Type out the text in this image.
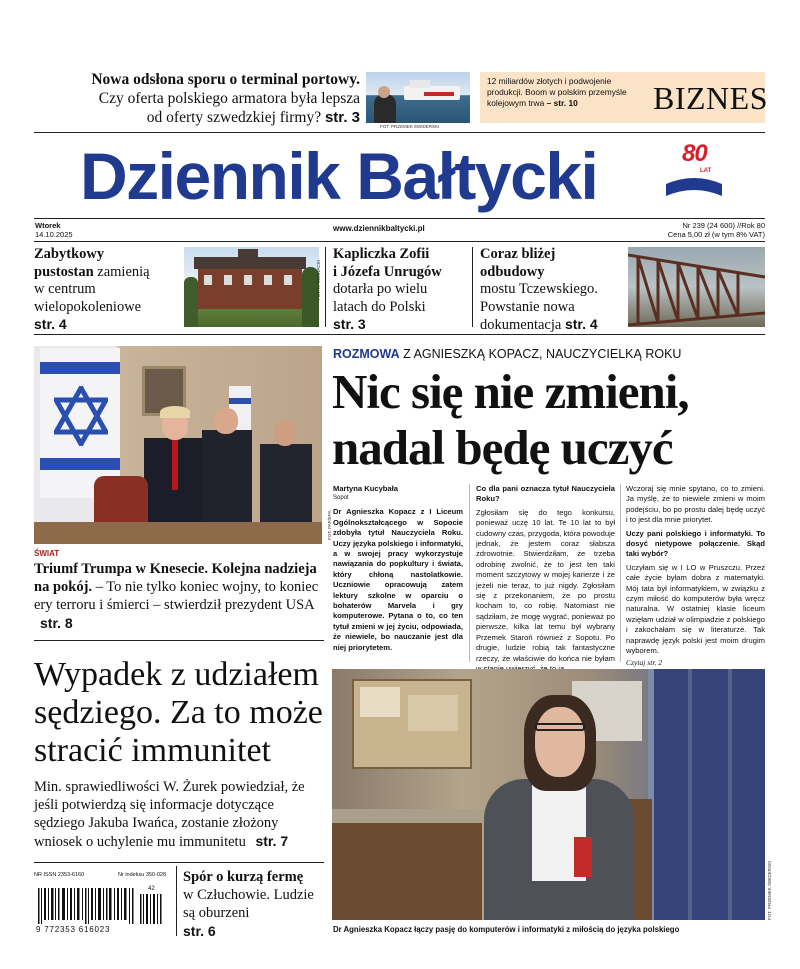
Nowa odsłona sporu o terminal portowy.
Czy oferta polskiego armatora była lepsza
od oferty szwedzkiej firmy? str. 3
FOT. PRZEMEK ŚWIDERSKI
12 miliardów złotych i podwojenie produkcji. Boom w polskim przemyśle kolejowym trwa – str. 10	BIZNES
Dziennik Bałtycki	80
LAT
Wtorek
14.10.2025
www.dziennikbaltycki.pl	Nr 239 (24 600) //Rok 80
Cena 5,00 zł (w tym 8% VAT)
Zabytkowy
pustostan zamienią
w centrum
wielopokoleniowe
str. 4
Kapliczka Zofii
i Józefa Unrugów
dotarła po wielu
latach do Polski
str. 3
FOT. K. KORNACKI
Coraz bliżej
odbudowy
mostu Tczewskiego.
Powstanie nowa
dokumentacja str. 4
FOT. PAP/EPA
ŚWIAT
Triumf Trumpa w Knesecie. Kolejna nadzieja na pokój. – To nie tylko koniec wojny, to koniec ery terroru i śmierci – stwierdził prezydent USA str. 8
Wypadek z udziałem
sędziego. Za to może
stracić immunitet
Min. sprawiedliwości W. Żurek powiedział, że jeśli potwierdzą się informacje dotyczące sędziego Jakuba Iwańca, zostanie złożony wniosek o uchylenie mu immunitetu str. 7
NR ISSN 2353-6160	Nr indeksu 350-028
42
9 772353 616023
Spór o kurzą fermę
w Człuchowie. Ludzie
są oburzeni
str. 6
ROZMOWA Z AGNIESZKĄ KOPACZ, NAUCZYCIELKĄ ROKU
Nic się nie zmieni,
nadal będę uczyć

Martyna Kucybała

Sopot

Dr Agnieszka Kopacz z I Liceum Ogólnokształcącego w Sopocie zdobyła tytuł Nauczyciela Roku. Uczy języka polskiego i informatyki, a w swojej pracy wykorzystuje nawiązania do popkultury i świata, który chłoną nastolatkowie. Uczniowie opracowują zatem lektury szkolne w oparciu o bohaterów Marvela i gry komputerowe. Pytana o to, co ten tytuł zmieni w jej życiu, odpowiada, że niewiele, bo nauczanie jest dla niej priorytetem.

Co dla pani oznacza tytuł Nauczyciela Roku?

Zgłosiłam się do tego konkursu, ponieważ uczę 10 lat. Te 10 lat to był cudowny czas, przygoda, która powoduje jednak, że jestem coraz słabsza zdrowotnie. Stwierdziłam, że trzeba odrobinę zwolnić, że to jest ten taki moment szczytowy w mojej karierze i że jeżeli nie teraz, to już nigdy. Zgłosiłam się z przekonaniem, że po prostu kocham to, co robię. Natomiast nie sądziłam, że mogę wygrać, ponieważ po pierwsze, kilka lat temu był wybrany Przemek Staroń również z Sopotu. Po drugie, ludzie robią tak fantastyczne rzeczy, że właściwie do końca nie byłam

Wczoraj się mnie spytano, co to zmieni. Ja myślę, że to niewiele zmieni w moim podejściu, bo po prostu dalej będę uczyć i to jest dla mnie priorytet.

Uczy pani polskiego i informatyki. To dosyć nietypowe połączenie. Skąd taki wybór?

Uczyłam się w I LO w Pruszczu. Przez całe życie byłam dobra z matematyki. Mój tata był informatykiem, w związku z czym miłość do komputerów była wręcz naturalna. W ostatniej klasie liceum wzięłam udział w olimpiadzie z polskiego i zakochałam się w literaturze. Tak naprawdę język polski jest moim drugim wyborem.

Czytaj str. 2

FOT. PRZEMEK ŚWIDERSKI
Dr Agnieszka Kopacz łączy pasję do komputerów i informatyki z miłością do języka polskiego
